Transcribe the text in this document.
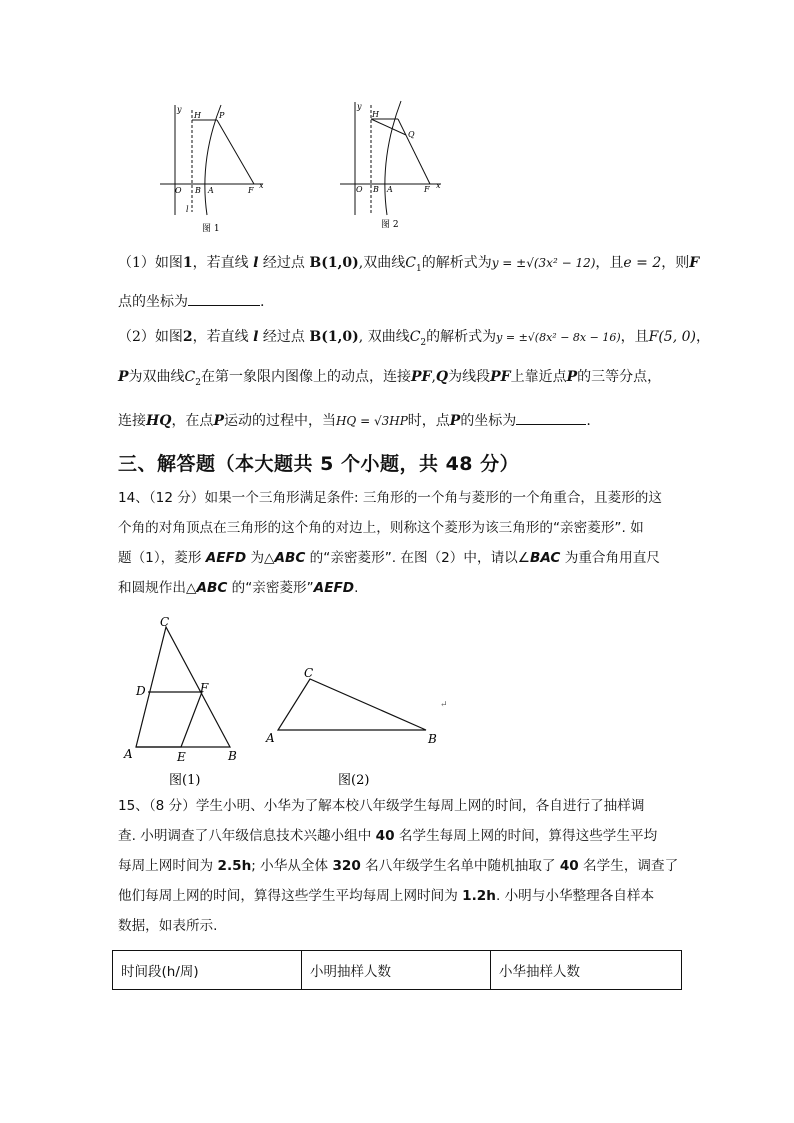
y
x
O B A	F
H P
l
图 1
y
x
O B A	F
H
Q
图 2
（1）如图1，若直线 l 经过点 B(1,0),双曲线$C_1$的解析式为y = ±√(3x² − 12)，且e = 2，则F
点的坐标为	.
（2）如图2，若直线 l 经过点 B(1,0), 双曲线$C_2$的解析式为y = ±√(8x² − 8x − 16)，且F(5, 0)，
P为双曲线$C_2$在第一象限内图像上的动点，连接PF,Q为线段PF上靠近点P的三等分点，
连接HQ，在点P运动的过程中，当HQ = √3HP时，点P的坐标为	.
三、解答题（本大题共 5 个小题，共 48 分）
14、（12 分）如果一个三角形满足条件: 三角形的一个角与菱形的一个角重合，且菱形的这
个角的对角顶点在三角形的这个角的对边上，则称这个菱形为该三角形的“亲密菱形”. 如
题（1），菱形 AEFD 为△ABC 的“亲密菱形”. 在图（2）中，请以∠BAC 为重合角用直尺
和圆规作出△ABC 的“亲密菱形”AEFD.
A	B
C
D
E
F
图(1)
A	B
C
↵
图(2)
15、（8 分）学生小明、小华为了解本校八年级学生每周上网的时间，各自进行了抽样调
查. 小明调查了八年级信息技术兴趣小组中 40 名学生每周上网的时间，算得这些学生平均
每周上网时间为 2.5h; 小华从全体 320 名八年级学生名单中随机抽取了 40 名学生，调查了
他们每周上网的时间，算得这些学生平均每周上网时间为 1.2h. 小明与小华整理各自样本
数据，如表所示.
时间段(h/周)	小明抽样人数	小华抽样人数
